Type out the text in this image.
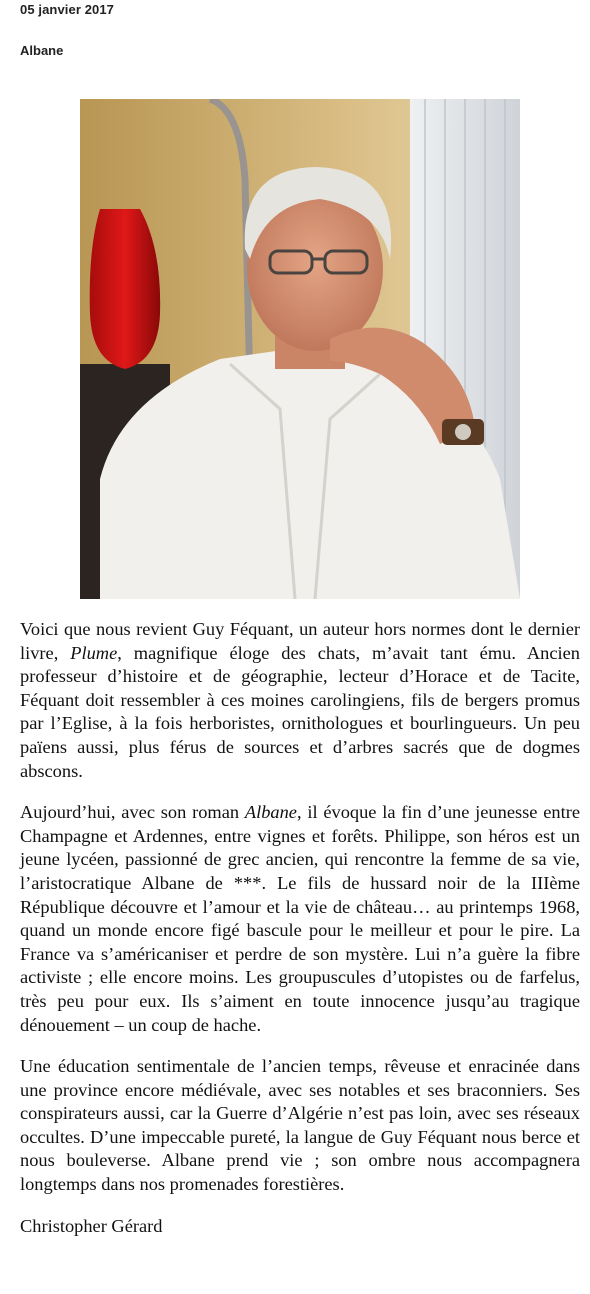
05 janvier 2017
Albane

Voici que nous revient Guy Féquant, un auteur hors normes dont le dernier livre, Plume, magnifique éloge des chats, m’avait tant ému. Ancien professeur d’histoire et de géographie, lecteur d’Horace et de Tacite, Féquant doit ressembler à ces moines carolingiens, fils de bergers promus par l’Eglise, à la fois herboristes, ornithologues et bourlingueurs. Un peu païens aussi, plus férus de sources et d’arbres sacrés que de dogmes abscons.

Aujourd’hui, avec son roman Albane, il évoque la fin d’une jeunesse entre Champagne et Ardennes, entre vignes et forêts. Philippe, son héros est un jeune lycéen, passionné de grec ancien, qui rencontre la femme de sa vie, l’aristocratique Albane de ***. Le fils de hussard noir de la IIIème République découvre et l’amour et la vie de château… au printemps 1968, quand un monde encore figé bascule pour le meilleur et pour le pire. La France va s’américaniser et perdre de son mystère. Lui n’a guère la fibre activiste ; elle encore moins. Les groupuscules d’utopistes ou de farfelus, très peu pour eux. Ils s’aiment en toute innocence jusqu’au tragique dénouement – un coup de hache.

Une éducation sentimentale de l’ancien temps, rêveuse et enracinée dans une province encore médiévale, avec ses notables et ses braconniers. Ses conspirateurs aussi, car la Guerre d’Algérie n’est pas loin, avec ses réseaux occultes. D’une impeccable pureté, la langue de Guy Féquant nous berce et nous bouleverse. Albane prend vie ; son ombre nous accompagnera longtemps dans nos promenades forestières.

Christopher Gérard
